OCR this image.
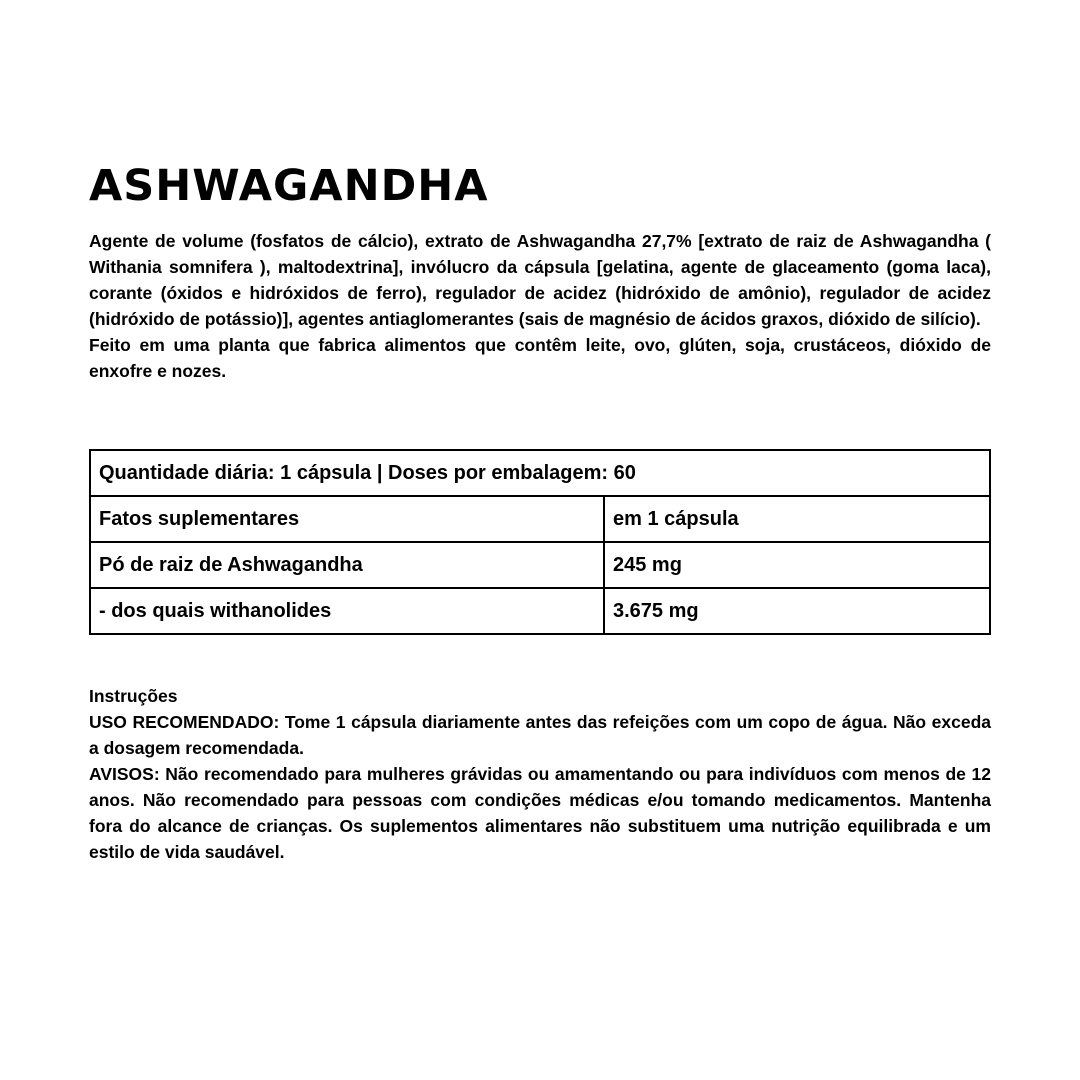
ASHWAGANDHA

Agente de volume (fosfatos de cálcio), extrato de Ashwagandha 27,7% [extrato de raiz de Ashwagandha ( Withania somnifera ), maltodextrina], invólucro da cápsula [gelatina, agente de glaceamento (goma laca), corante (óxidos e hidróxidos de ferro), regulador de acidez (hidróxido de amônio), regulador de acidez (hidróxido de potássio)], agentes antiaglomerantes (sais de magnésio de ácidos graxos, dióxido de silício).

Feito em uma planta que fabrica alimentos que contêm leite, ovo, glúten, soja, crustáceos, dióxido de enxofre e nozes.

Quantidade diária: 1 cápsula | Doses por embalagem: 60	
Fatos suplementares	em 1 cápsula
Pó de raiz de Ashwagandha	245 mg
- dos quais withanolides	3.675 mg

Instruções

USO RECOMENDADO: Tome 1 cápsula diariamente antes das refeições com um copo de água. Não exceda a dosagem recomendada.

AVISOS: Não recomendado para mulheres grávidas ou amamentando ou para indivíduos com menos de 12 anos. Não recomendado para pessoas com condições médicas e/ou tomando medicamentos. Mantenha fora do alcance de crianças. Os suplementos alimentares não substituem uma nutrição equilibrada e um estilo de vida saudável.
